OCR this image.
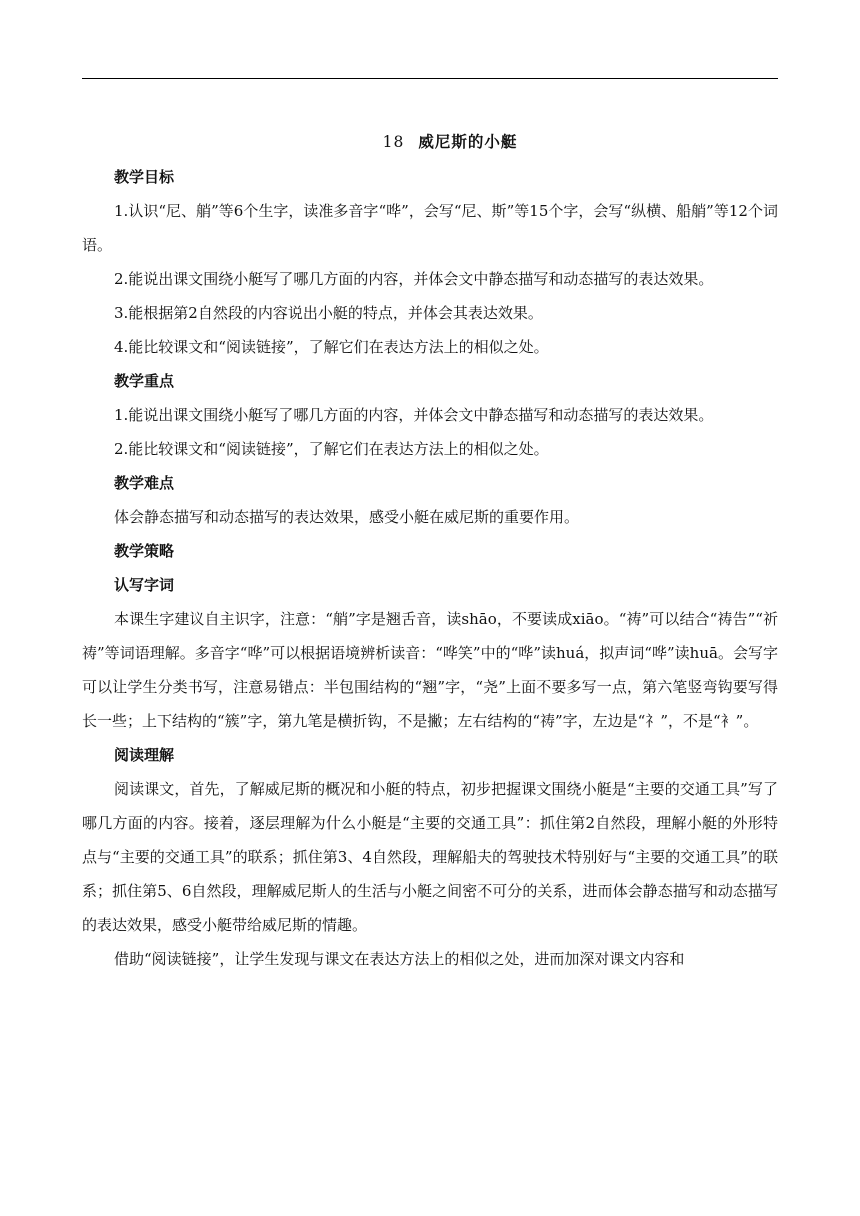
18 威尼斯的小艇
教学目标

1.认识“尼、艄”等6个生字，读准多音字“哗”，会写“尼、斯”等15个字，会写“纵横、船艄”等12个词语。

2.能说出课文围绕小艇写了哪几方面的内容，并体会文中静态描写和动态描写的表达效果。

3.能根据第2自然段的内容说出小艇的特点，并体会其表达效果。

4.能比较课文和“阅读链接”，了解它们在表达方法上的相似之处。

教学重点

1.能说出课文围绕小艇写了哪几方面的内容，并体会文中静态描写和动态描写的表达效果。

2.能比较课文和“阅读链接”，了解它们在表达方法上的相似之处。

教学难点

体会静态描写和动态描写的表达效果，感受小艇在威尼斯的重要作用。

教学策略
认写字词

本课生字建议自主识字，注意：“艄”字是翘舌音，读shāo，不要读成xiāo。“祷”可以结合“祷告”“祈祷”等词语理解。多音字“哗”可以根据语境辨析读音：“哗笑”中的“哗”读huá，拟声词“哗”读huā。会写字可以让学生分类书写，注意易错点：半包围结构的“翘”字，“尧”上面不要多写一点，第六笔竖弯钩要写得长一些；上下结构的“簇”字，第九笔是横折钩，不是撇；左右结构的“祷”字，左边是“礻”，不是“衤”。

阅读理解

阅读课文，首先，了解威尼斯的概况和小艇的特点，初步把握课文围绕小艇是“主要的交通工具”写了哪几方面的内容。接着，逐层理解为什么小艇是“主要的交通工具”：抓住第2自然段，理解小艇的外形特点与“主要的交通工具”的联系；抓住第3、4自然段，理解船夫的驾驶技术特别好与“主要的交通工具”的联系；抓住第5、6自然段，理解威尼斯人的生活与小艇之间密不可分的关系，进而体会静态描写和动态描写的表达效果，感受小艇带给威尼斯的情趣。

借助“阅读链接”，让学生发现与课文在表达方法上的相似之处，进而加深对课文内容和
